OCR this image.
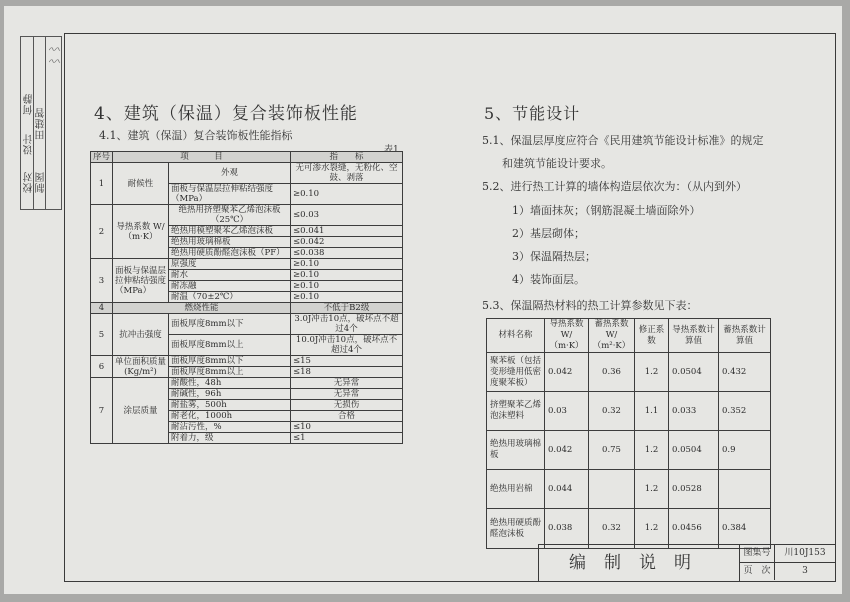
校对
设计
制图
田建智
何静
〰〰
4、建筑（保温）复合装饰板性能
4.1、建筑（保温）复合装饰板性能指标
表1
序号	项　　　目		指　　标
1	耐候性	外观	无可渗水裂缝，无粉化、空鼓、剥落
		面板与保温层拉伸粘结强度（MPa）	≥0.10
2	导热系数 W/（m·K）	绝热用挤塑聚苯乙烯泡沫板（25℃）	≤0.03
		绝热用模塑聚苯乙烯泡沫板	≤0.041
		绝热用玻璃棉板	≤0.042
		绝热用硬质酚醛泡沫板（PF）	≤0.038
3	面板与保温层拉伸粘结强度（MPa）	原强度	≥0.10
		耐水	≥0.10
		耐冻融	≥0.10
		耐温（70±2℃）	≥0.10
4	燃烧性能		不低于B2级
5	抗冲击强度	面板厚度8mm以下	3.0J冲击10点，破坏点不超过4个
		面板厚度8mm以上	10.0J冲击10点，破坏点不超过4个
6	单位面积质量(Kg/m²)	面板厚度8mm以下	≤15
		面板厚度8mm以上	≤18
7	涂层质量	耐酸性，48h	无异常
		耐碱性，96h	无异常
		耐盐雾，500h	无损伤
		耐老化，1000h	合格
		耐沾污性，%	≤10
		附着力，级	≤1
5、节能设计
5.1、保温层厚度应符合《民用建筑节能设计标准》的规定
和建筑节能设计要求。
5.2、进行热工计算的墙体构造层依次为：（从内到外）
1）墙面抹灰；（钢筋混凝土墙面除外）
2）基层砌体；
3）保温隔热层；
4）装饰面层。
5.3、保温隔热材料的热工计算参数见下表：
材料名称	导热系数 W/（m·K）	蓄热系数 W/（m²·K）	修正系数	导热系数计算值	蓄热系数计算值
聚苯板（包括变形缝用低密度聚苯板）	0.042	0.36	1.2	0.0504	0.432
挤塑聚苯乙烯泡沫塑料	0.03	0.32	1.1	0.033	0.352
绝热用玻璃棉板	0.042	0.75	1.2	0.0504	0.9
绝热用岩棉	0.044		1.2	0.0528	
绝热用硬质酚醛泡沫板	0.038	0.32	1.2	0.0456	0.384
编制说明	图集号	川10J153
页　次	3
